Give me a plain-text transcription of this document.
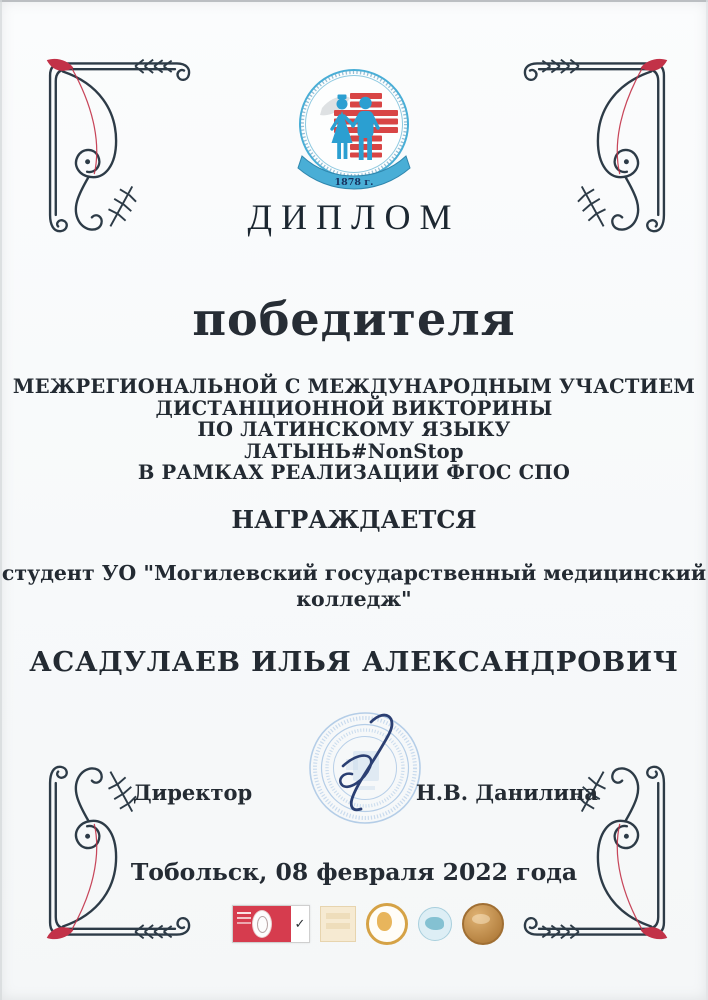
1878 г.
ДИПЛОМ
победителя
МЕЖРЕГИОНАЛЬНОЙ С МЕЖДУНАРОДНЫМ УЧАСТИЕМ
ДИСТАНЦИОННОЙ ВИКТОРИНЫ
ПО ЛАТИНСКОМУ ЯЗЫКУ
ЛАТЫНЬ#NonStop
В РАМКАХ РЕАЛИЗАЦИИ ФГОС СПО
НАГРАЖДАЕТСЯ
студент УО "Могилевский государственный медицинский
колледж"
АСАДУЛАЕВ ИЛЬЯ АЛЕКСАНДРОВИЧ
Директор	Н.В. Данилина
Тобольск, 08 февраля 2022 года
✓
